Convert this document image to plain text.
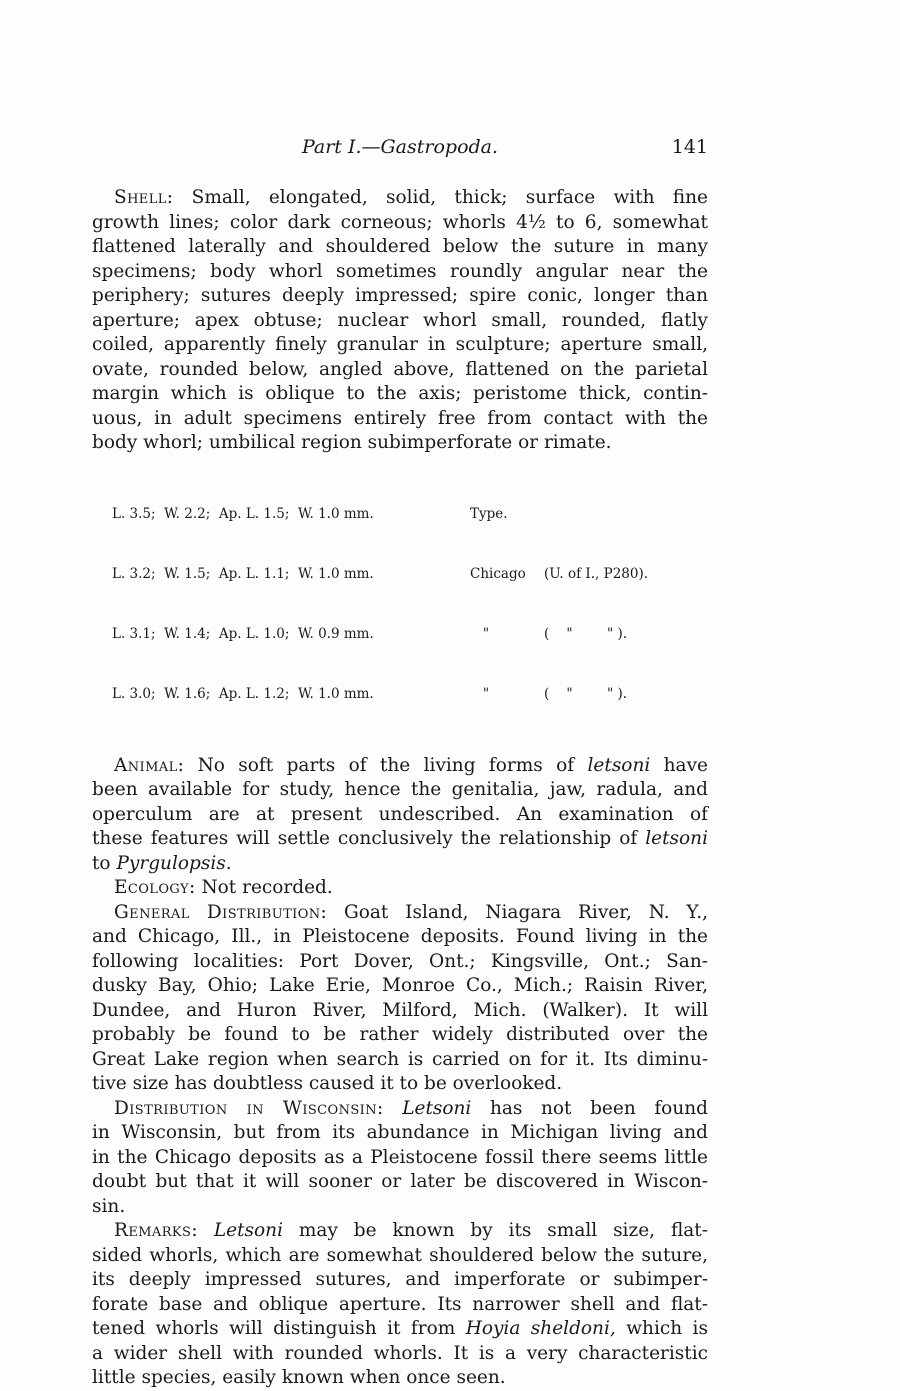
Part I.—Gastropoda.	141
Shell: Small, elongated, solid, thick; surface with fine
growth lines; color dark corneous; whorls 4½ to 6, somewhat
flattened laterally and shouldered below the suture in many
specimens; body whorl sometimes roundly angular near the
periphery; sutures deeply impressed; spire conic, longer than
aperture; apex obtuse; nuclear whorl small, rounded, flatly
coiled, apparently finely granular in sculpture; aperture small,
ovate, rounded below, angled above, flattened on the parietal
margin which is oblique to the axis; peristome thick, contin-
uous, in adult specimens entirely free from contact with the
body whorl; umbilical region subimperforate or rimate.

L. 3.5;  W. 2.2;  Ap. L. 1.5;  W. 1.0 mm.	Type.

L. 3.2;  W. 1.5;  Ap. L. 1.1;  W. 1.0 mm.	Chicago	(U. of I., P280).

L. 3.1;  W. 1.4;  Ap. L. 1.0;  W. 0.9 mm.	"	(    "        " ).

L. 3.0;  W. 1.6;  Ap. L. 1.2;  W. 1.0 mm.	"	(    "        " ).

Animal: No soft parts of the living forms of letsoni have
been available for study, hence the genitalia, jaw, radula, and
operculum are at present undescribed. An examination of
these features will settle conclusively the relationship of letsoni
to Pyrgulopsis.
Ecology: Not recorded.
General Distribution: Goat Island, Niagara River, N. Y.,
and Chicago, Ill., in Pleistocene deposits. Found living in the
following localities: Port Dover, Ont.; Kingsville, Ont.; San-
dusky Bay, Ohio; Lake Erie, Monroe Co., Mich.; Raisin River,
Dundee, and Huron River, Milford, Mich. (Walker). It will
probably be found to be rather widely distributed over the
Great Lake region when search is carried on for it. Its diminu-
tive size has doubtless caused it to be overlooked.
Distribution in Wisconsin: Letsoni has not been found
in Wisconsin, but from its abundance in Michigan living and
in the Chicago deposits as a Pleistocene fossil there seems little
doubt but that it will sooner or later be discovered in Wiscon-
sin.
Remarks: Letsoni may be known by its small size, flat-
sided whorls, which are somewhat shouldered below the suture,
its deeply impressed sutures, and imperforate or subimper-
forate base and oblique aperture. Its narrower shell and flat-
tened whorls will distinguish it from Hoyia sheldoni, which is
a wider shell with rounded whorls. It is a very characteristic
little species, easily known when once seen.
